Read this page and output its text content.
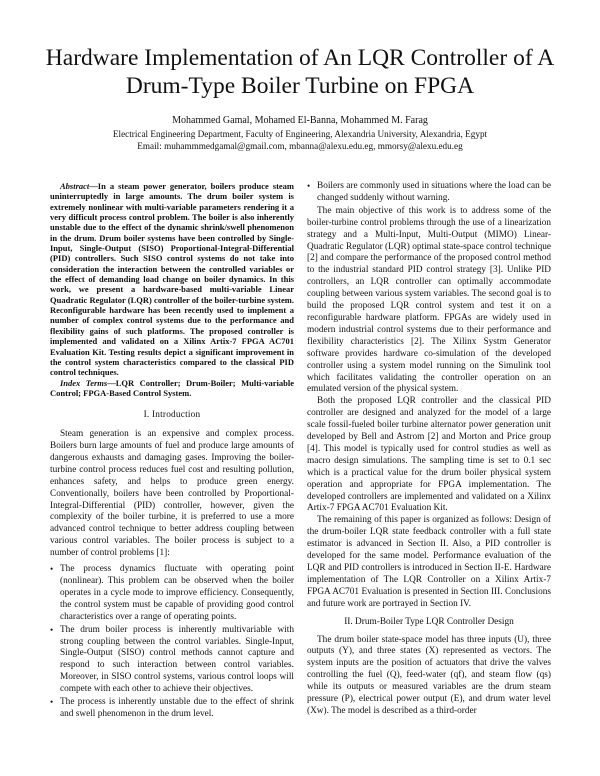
Hardware Implementation of An LQR Controller of A Drum-Type Boiler Turbine on FPGA
Mohammed Gamal, Mohamed El-Banna, Mohammed M. Farag
Electrical Engineering Department, Faculty of Engineering, Alexandria University, Alexandria, Egypt
Email: muhammmedgamal@gmail.com, mbanna@alexu.edu.eg, mmorsy@alexu.edu.eg

Abstract—In a steam power generator, boilers produce steam uninterruptedly in large amounts. The drum boiler system is extremely nonlinear with multi-variable parameters rendering it a very difficult process control problem. The boiler is also inherently unstable due to the effect of the dynamic shrink/swell phenomenon in the drum. Drum boiler systems have been controlled by Single-Input, Single-Output (SISO) Proportional-Integral-Differential (PID) controllers. Such SISO control systems do not take into consideration the interaction between the controlled variables or the effect of demanding load change on boiler dynamics. In this work, we present a hardware-based multi-variable Linear Quadratic Regulator (LQR) controller of the boiler-turbine system. Reconfigurable hardware has been recently used to implement a number of complex control systems due to the performance and flexibility gains of such platforms. The proposed controller is implemented and validated on a Xilinx Artix-7 FPGA AC701 Evaluation Kit. Testing results depict a significant improvement in the control system characteristics compared to the classical PID control techniques.

Index Terms—LQR Controller; Drum-Boiler; Multi-variable Control; FPGA-Based Control System.

I. Introduction

Steam generation is an expensive and complex process. Boilers burn large amounts of fuel and produce large amounts of dangerous exhausts and damaging gases. Improving the boiler-turbine control process reduces fuel cost and resulting pollution, enhances safety, and helps to produce green energy. Conventionally, boilers have been controlled by Proportional-Integral-Differential (PID) controller, however, given the complexity of the boiler turbine, it is preferred to use a more advanced control technique to better address coupling between various control variables. The boiler process is subject to a number of control problems [1]:

• The process dynamics fluctuate with operating point (nonlinear). This problem can be observed when the boiler operates in a cycle mode to improve efficiency. Consequently, the control system must be capable of providing good control characteristics over a range of operating points.
• The drum boiler process is inherently multivariable with strong coupling between the control variables. Single-Input, Single-Output (SISO) control methods cannot capture and respond to such interaction between control variables. Moreover, in SISO control systems, various control loops will compete with each other to achieve their objectives.
• The process is inherently unstable due to the effect of shrink and swell phenomenon in the drum level.
• Boilers are commonly used in situations where the load can be changed suddenly without warning.

The main objective of this work is to address some of the boiler-turbine control problems through the use of a linearization strategy and a Multi-Input, Multi-Output (MIMO) Linear-Quadratic Regulator (LQR) optimal state-space control technique [2] and compare the performance of the proposed control method to the industrial standard PID control strategy [3]. Unlike PID controllers, an LQR controller can optimally accommodate coupling between various system variables. The second goal is to build the proposed LQR control system and test it on a reconfigurable hardware platform. FPGAs are widely used in modern industrial control systems due to their performance and flexibility characteristics [2]. The Xilinx Systm Generator software provides hardware co-simulation of the developed controller using a system model running on the Simulink tool which facilitates validating the controller operation on an emulated version of the physical system.

Both the proposed LQR controller and the classical PID controller are designed and analyzed for the model of a large scale fossil-fueled boiler turbine alternator power generation unit developed by Bell and Astrom [2] and Morton and Price group [4]. This model is typically used for control studies as well as macro design simulations. The sampling time is set to 0.1 sec which is a practical value for the drum boiler physical system operation and appropriate for FPGA implementation. The developed controllers are implemented and validated on a Xilinx Artix-7 FPGA AC701 Evaluation Kit.

The remaining of this paper is organized as follows: Design of the drum-boiler LQR state feedback controller with a full state estimator is advanced in Section II. Also, a PID controller is developed for the same model. Performance evaluation of the LQR and PID controllers is introduced in Section II-E. Hardware implementation of The LQR Controller on a Xilinx Artix-7 FPGA AC701 Evaluation is presented in Section III. Conclusions and future work are portrayed in Section IV.

II. Drum-Boiler Type LQR Controller Design

The drum boiler state-space model has three inputs (U), three outputs (Y), and three states (X) represented as vectors. The system inputs are the position of actuators that drive the valves controlling the fuel (Q), feed-water (qf), and steam flow (qs) while its outputs or measured variables are the drum steam pressure (P), electrical power output (E), and drum water level (Xw). The model is described as a third-order
